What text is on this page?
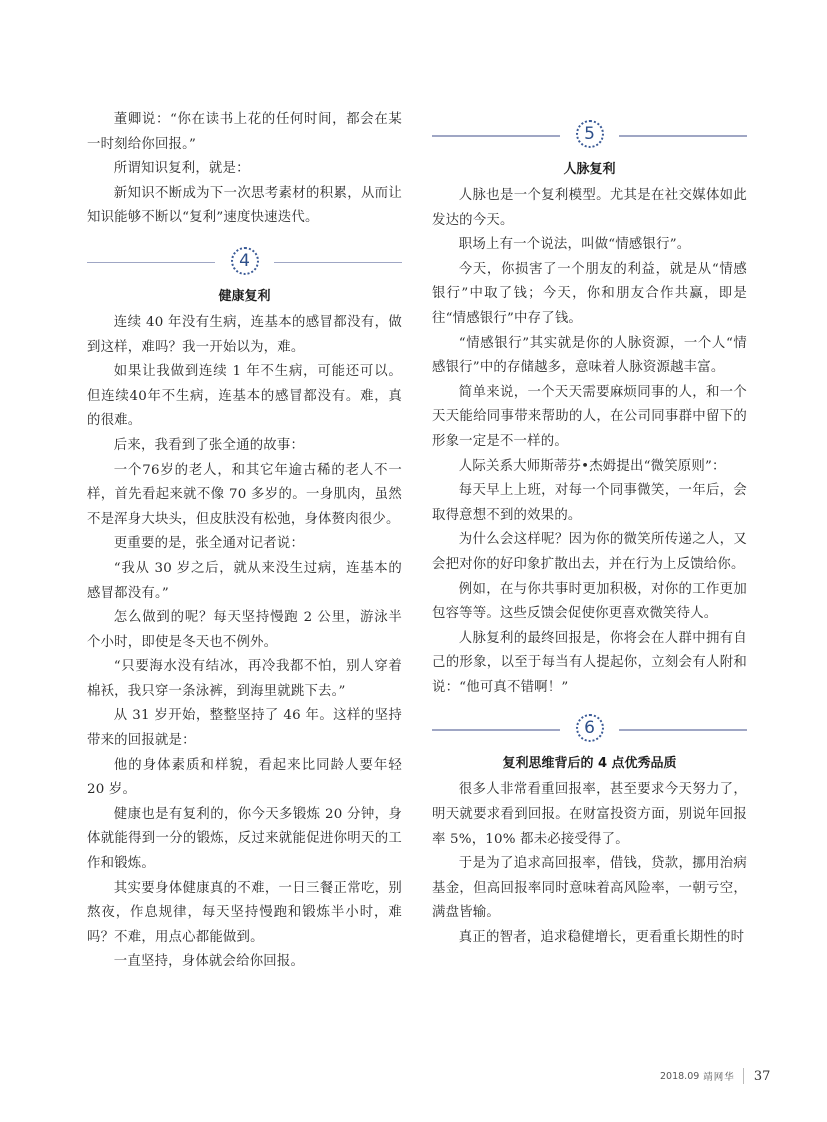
董卿说：“你在读书上花的任何时间，都会在某一时刻给你回报。”

所谓知识复利，就是：

新知识不断成为下一次思考素材的积累，从而让知识能够不断以“复利”速度快速迭代。

4
健康复利

连续 40 年没有生病，连基本的感冒都没有，做到这样，难吗？我一开始以为，难。

如果让我做到连续 1 年不生病，可能还可以。但连续40年不生病，连基本的感冒都没有。难，真的很难。

后来，我看到了张全通的故事：

一个76岁的老人，和其它年逾古稀的老人不一样，首先看起来就不像 70 多岁的。一身肌肉，虽然不是浑身大块头，但皮肤没有松弛，身体赘肉很少。

更重要的是，张全通对记者说：

“我从 30 岁之后，就从来没生过病，连基本的感冒都没有。”

怎么做到的呢？每天坚持慢跑 2 公里，游泳半个小时，即使是冬天也不例外。

“只要海水没有结冰，再冷我都不怕，别人穿着棉袄，我只穿一条泳裤，到海里就跳下去。”

从 31 岁开始，整整坚持了 46 年。这样的坚持带来的回报就是：

他的身体素质和样貌，看起来比同龄人要年轻 20 岁。

健康也是有复利的，你今天多锻炼 20 分钟，身体就能得到一分的锻炼，反过来就能促进你明天的工作和锻炼。

其实要身体健康真的不难，一日三餐正常吃，别熬夜，作息规律，每天坚持慢跑和锻炼半小时，难吗？不难，用点心都能做到。

一直坚持，身体就会给你回报。

5
人脉复利

人脉也是一个复利模型。尤其是在社交媒体如此发达的今天。

职场上有一个说法，叫做“情感银行”。

今天，你损害了一个朋友的利益，就是从“情感银行”中取了钱；今天，你和朋友合作共赢，即是往“情感银行”中存了钱。

“情感银行”其实就是你的人脉资源，一个人“情感银行”中的存储越多，意味着人脉资源越丰富。

简单来说，一个天天需要麻烦同事的人，和一个天天能给同事带来帮助的人，在公司同事群中留下的形象一定是不一样的。

人际关系大师斯蒂芬•杰姆提出“微笑原则”：

每天早上上班，对每一个同事微笑，一年后，会取得意想不到的效果的。

为什么会这样呢？因为你的微笑所传递之人，又会把对你的好印象扩散出去，并在行为上反馈给你。

例如，在与你共事时更加积极，对你的工作更加包容等等。这些反馈会促使你更喜欢微笑待人。

人脉复利的最终回报是，你将会在人群中拥有自己的形象，以至于每当有人提起你，立刻会有人附和说：“他可真不错啊！”

6
复利思维背后的 4 点优秀品质

很多人非常看重回报率，甚至要求今天努力了，明天就要求看到回报。在财富投资方面，别说年回报率 5%，10% 都未必接受得了。

于是为了追求高回报率，借钱，贷款，挪用治病基金，但高回报率同时意味着高风险率，一朝亏空，满盘皆输。

真正的智者，追求稳健增长，更看重长期性的时

2018.09 靖网华 37
